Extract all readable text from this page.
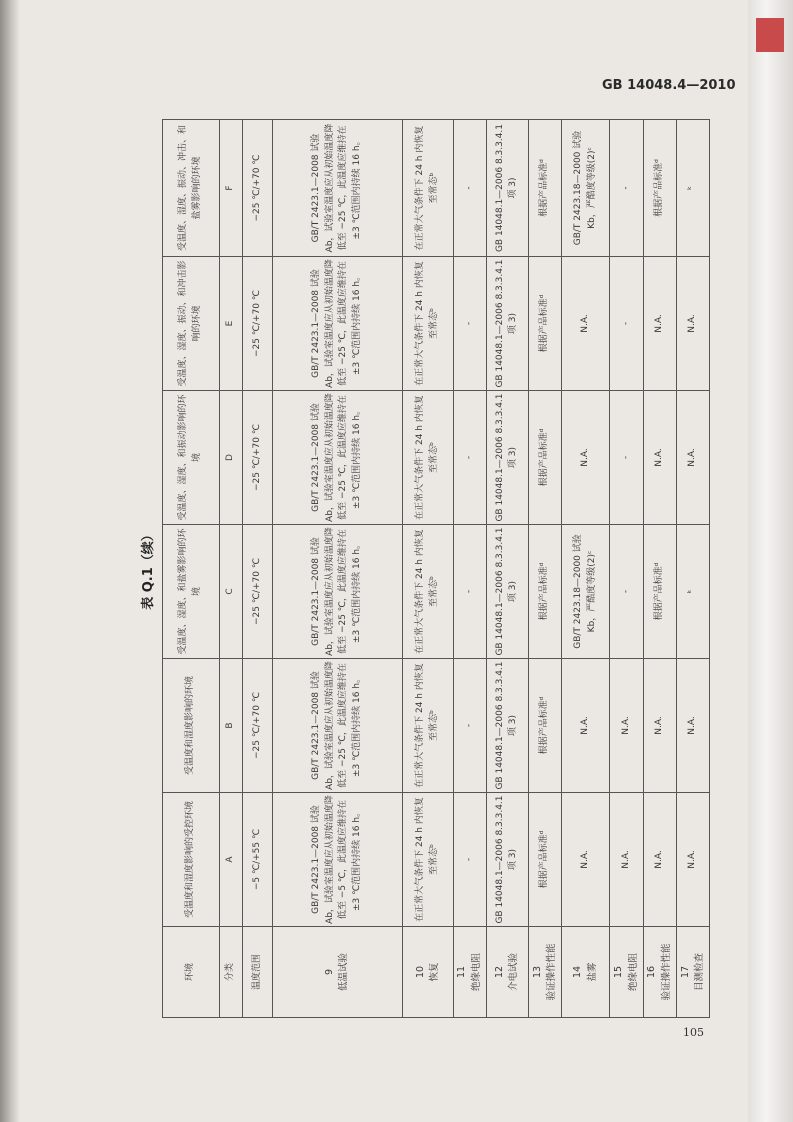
GB 14048.4—2010
表 Q.1（续）
环境	受温度和湿度影响的受控环境	受温度和湿度影响的环境	受温度、湿度、和盐雾影响的环境	受温度、湿度、和振动影响的环境	受温度、湿度、振动、和冲击影响的环境	受温度、湿度、振动、冲击、和盐雾影响的环境
分类	A	B	C	D	E	F
温度范围	−5 ℃/+55 ℃	−25 ℃/+70 ℃	−25 ℃/+70 ℃	−25 ℃/+70 ℃	−25 ℃/+70 ℃	−25 ℃/+70 ℃

9 低温试验	GB/T 2423.1—2008 试验 Ab，试验室温度应从初始温度降低至 −5 ℃，此温度应维持在±3 ℃范围内持续 16 h。	GB/T 2423.1—2008 试验 Ab，试验室温度应从初始温度降低至 −25 ℃，此温度应维持在±3 ℃范围内持续 16 h。	GB/T 2423.1—2008 试验 Ab，试验室温度应从初始温度降低至 −25 ℃，此温度应维持在±3 ℃范围内持续 16 h。	GB/T 2423.1—2008 试验 Ab，试验室温度应从初始温度降低至 −25 ℃，此温度应维持在±3 ℃范围内持续 16 h。	GB/T 2423.1—2008 试验 Ab，试验室温度应从初始温度降低至 −25 ℃，此温度应维持在±3 ℃范围内持续 16 h。	GB/T 2423.1—2008 试验 Ab，试验室温度应从初始温度降低至 −25 ℃，此温度应维持在±3 ℃范围内持续 16 h。

10 恢复	在正常大气条件下 24 h 内恢复至常态ᵇ	在正常大气条件下 24 h 内恢复至常态ᵇ	在正常大气条件下 24 h 内恢复至常态ᵇ	在正常大气条件下 24 h 内恢复至常态ᵇ	在正常大气条件下 24 h 内恢复至常态ᵇ	在正常大气条件下 24 h 内恢复至常态ᵇ

11 绝缘电阻	-	-	-	-	-	-

12 介电试验	GB 14048.1—2006 8.3.3.4.1 项 3)	GB 14048.1—2006 8.3.3.4.1 项 3)	GB 14048.1—2006 8.3.3.4.1 项 3)	GB 14048.1—2006 8.3.3.4.1 项 3)	GB 14048.1—2006 8.3.3.4.1 项 3)	GB 14048.1—2006 8.3.3.4.1 项 3)

13 验证操作性能	根据产品标准ᵈ	根据产品标准ᵈ	根据产品标准ᵈ	根据产品标准ᵈ	根据产品标准ᵈ	根据产品标准ᵈ

14 盐雾	N.A.	N.A.	GB/T 2423.18—2000 试验 Kb，严酷度等级(2)ᶜ	N.A.	N.A.	GB/T 2423.18—2000 试验 Kb，严酷度等级(2)ᶜ

15 绝缘电阻	N.A.	N.A.	-	-	-	-

16 验证操作性能	N.A.	N.A.	根据产品标准ᵈ	N.A.	N.A.	根据产品标准ᵈ

17 目测检查	N.A.	N.A.	ᵏ	N.A.	N.A.	ᵏ
105
